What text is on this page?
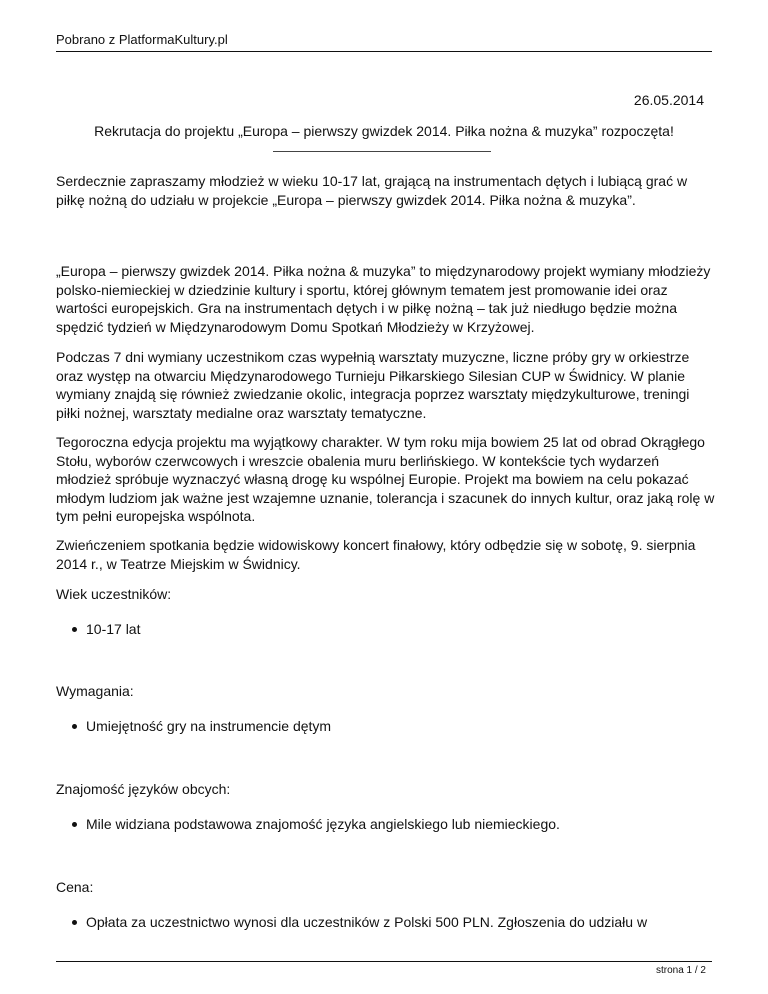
Pobrano z PlatformaKultury.pl
26.05.2014
Rekrutacja do projektu „Europa – pierwszy gwizdek 2014. Piłka nożna & muzyka” rozpoczęta!

Serdecznie zapraszamy młodzież w wieku 10-17 lat, grającą na instrumentach dętych i lubiącą grać w piłkę nożną do udziału w projekcie „Europa – pierwszy gwizdek 2014. Piłka nożna & muzyka”.

„Europa – pierwszy gwizdek 2014. Piłka nożna & muzyka” to międzynarodowy projekt wymiany młodzieży polsko-niemieckiej w dziedzinie kultury i sportu, której głównym tematem jest promowanie idei oraz wartości europejskich. Gra na instrumentach dętych i w piłkę nożną – tak już niedługo będzie można spędzić tydzień w Międzynarodowym Domu Spotkań Młodzieży w Krzyżowej.

Podczas 7 dni wymiany uczestnikom czas wypełnią warsztaty muzyczne, liczne próby gry w orkiestrze oraz występ na otwarciu Międzynarodowego Turnieju Piłkarskiego Silesian CUP w Świdnicy. W planie wymiany znajdą się również zwiedzanie okolic, integracja poprzez warsztaty międzykulturowe, treningi piłki nożnej, warsztaty medialne oraz warsztaty tematyczne.

Tegoroczna edycja projektu ma wyjątkowy charakter. W tym roku mija bowiem 25 lat od obrad Okrągłego Stołu, wyborów czerwcowych i wreszcie obalenia muru berlińskiego. W kontekście tych wydarzeń młodzież spróbuje wyznaczyć własną drogę ku wspólnej Europie. Projekt ma bowiem na celu pokazać młodym ludziom jak ważne jest wzajemne uznanie, tolerancja i szacunek do innych kultur, oraz jaką rolę w tym pełni europejska wspólnota.

Zwieńczeniem spotkania będzie widowiskowy koncert finałowy, który odbędzie się w sobotę, 9. sierpnia 2014 r., w Teatrze Miejskim w Świdnicy.

Wiek uczestników:

10-17 lat

Wymagania:

Umiejętność gry na instrumencie dętym

Znajomość języków obcych:

Mile widziana podstawowa znajomość języka angielskiego lub niemieckiego.

Cena:

Opłata za uczestnictwo wynosi dla uczestników z Polski 500 PLN. Zgłoszenia do udziału w
strona 1 / 2
